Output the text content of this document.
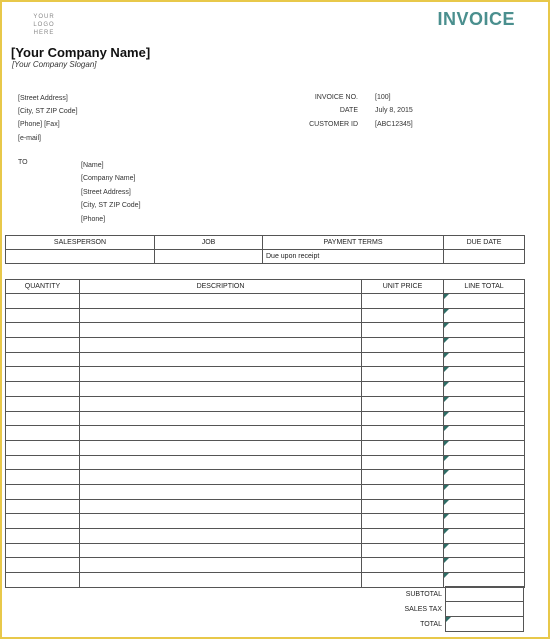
YOUR LOGO
HERE
INVOICE
[Your Company Name]
[Your Company Slogan]
[Street Address]
[City, ST ZIP Code]
[Phone] [Fax]
[e-mail]
INVOICE NO.	[100]
DATE	July 8, 2015
CUSTOMER ID	[ABC12345]
TO	[Name]
[Company Name]
[Street Address]
[City, ST ZIP Code]
[Phone]
SALESPERSON	JOB	PAYMENT TERMS	DUE DATE
		Due upon receipt	
QUANTITY	DESCRIPTION	UNIT PRICE	LINE TOTAL

SUBTOTAL
SALES TAX
TOTAL
